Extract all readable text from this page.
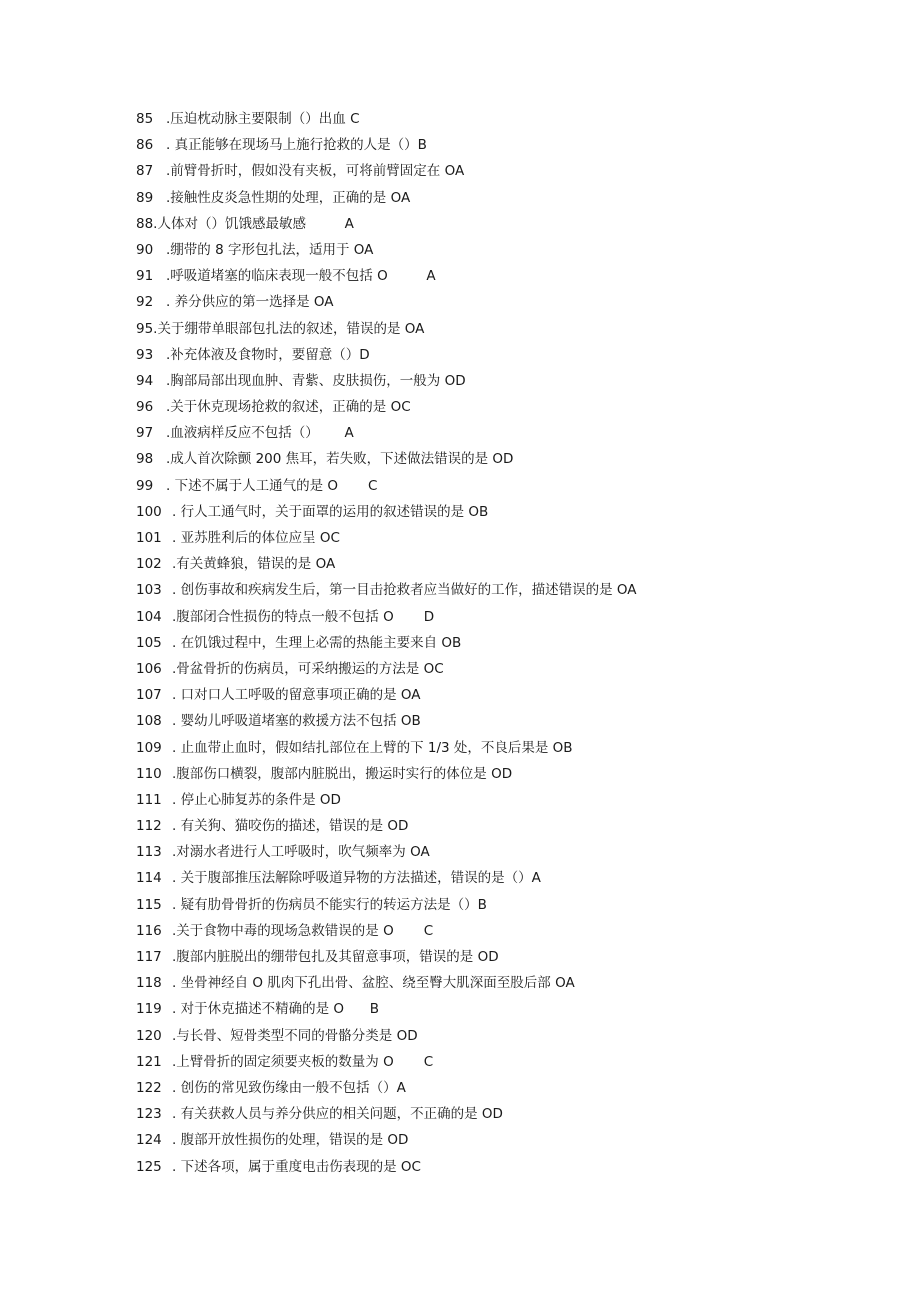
85 .压迫枕动脉主要限制（）出血 C
86 . 真正能够在现场马上施行抢救的人是（）B
87 .前臂骨折时，假如没有夹板，可将前臂固定在 OA
89 .接触性皮炎急性期的处理，正确的是 OA
88. 人体对（）饥饿感最敏感         A
90 .绷带的 8 字形包扎法，适用于 OA
91 .呼吸道堵塞的临床表现一般不包括 O         A
92 . 养分供应的第一选择是 OA
95. 关于绷带单眼部包扎法的叙述，错误的是 OA
93 .补充体液及食物时，要留意（）D
94 .胸部局部出现血肿、青紫、皮肤损伤，一般为 OD
96 .关于休克现场抢救的叙述，正确的是 OC
97 .血液病样反应不包括（）      A
98 .成人首次除颤 200 焦耳，若失败，下述做法错误的是 OD
99 . 下述不属于人工通气的是 O       C
100 . 行人工通气时，关于面罩的运用的叙述错误的是 OB
101 . 亚苏胜利后的体位应呈 OC
102 .有关黄蜂狼，错误的是 OA
103 . 创伤事故和疾病发生后，第一目击抢救者应当做好的工作，描述错误的是 OA
104 .腹部闭合性损伤的特点一般不包括 O       D
105 . 在饥饿过程中，生理上必需的热能主要来自 OB
106 .骨盆骨折的伤病员，可采纳搬运的方法是 OC
107 . 口对口人工呼吸的留意事项正确的是 OA
108 . 婴幼儿呼吸道堵塞的救援方法不包括 OB
109 . 止血带止血时，假如结扎部位在上臂的下 1/3 处，不良后果是 OB
110 .腹部伤口横裂，腹部内脏脱出，搬运时实行的体位是 OD
111 . 停止心肺复苏的条件是 OD
112 . 有关狗、猫咬伤的描述，错误的是 OD
113 .对溺水者进行人工呼吸时，吹气频率为 OA
114 . 关于腹部推压法解除呼吸道异物的方法描述，错误的是（）A
115 . 疑有肋骨骨折的伤病员不能实行的转运方法是（）B
116 .关于食物中毒的现场急救错误的是 O       C
117 .腹部内脏脱出的绷带包扎及其留意事项，错误的是 OD
118 . 坐骨神经自 O 肌肉下孔出骨、盆腔、绕至臀大肌深面至股后部 OA
119 . 对于休克描述不精确的是 O      B
120 .与长骨、短骨类型不同的骨骼分类是 OD
121 .上臂骨折的固定须要夹板的数量为 O       C
122 . 创伤的常见致伤缘由一般不包括（）A
123 . 有关获救人员与养分供应的相关问题，不正确的是 OD
124 . 腹部开放性损伤的处理，错误的是 OD
125 . 下述各项，属于重度电击伤表现的是 OC
